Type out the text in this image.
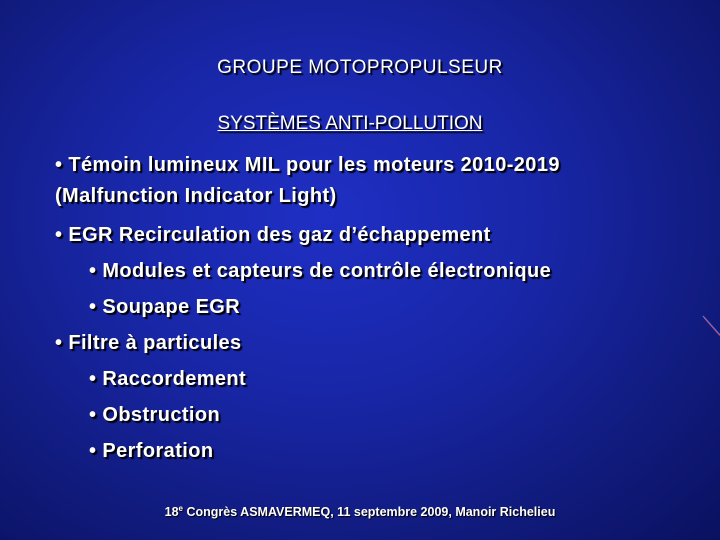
GROUPE MOTOPROPULSEUR
SYSTÈMES ANTI-POLLUTION
• Témoin lumineux MIL pour les moteurs 2010-2019
(Malfunction Indicator Light)
• EGR Recirculation des gaz d’échappement
• Modules et capteurs de contrôle électronique
• Soupape EGR
• Filtre à particules
• Raccordement
• Obstruction
• Perforation
18e Congrès ASMAVERMEQ, 11 septembre 2009, Manoir Richelieu
